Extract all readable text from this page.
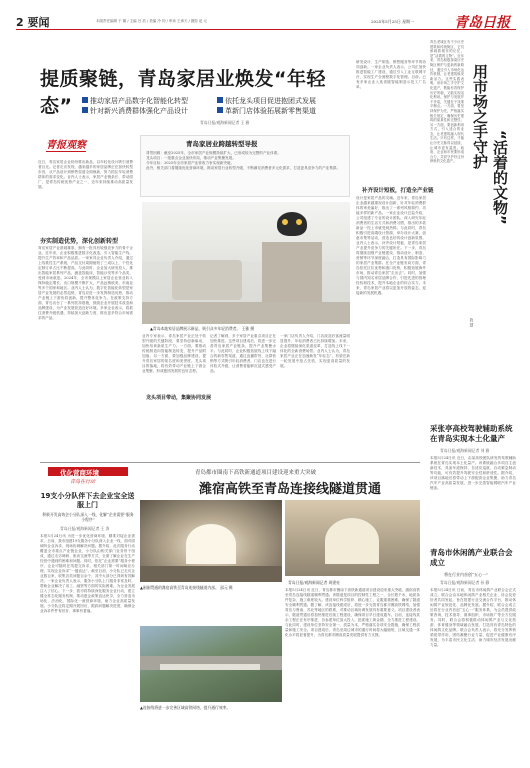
2 要闻	本版责任编辑 于 娜 / 主编 吕 浩 / 美编 冷 钧 / 审读 王承天 / 摄影 赵 元	2025年5月25日 星期一	青岛日报
提质聚链，青岛家居业焕发“年轻态”	推动家居产品数字化智能化转型	依托龙头项目促进抱团式发展
针对新兴消费群体强化产品设计	革新门店体验拓展新零售渠道
青岛日报/观海新闻记者 王 雅
青报观察	青岛家居业跨越转型导报

背景回顾：截至2025年，全市家居产业规模持续扩大，已形成较为完整的产业体系。

龙头项目：一批重点企业加快布局，推动产业集聚发展。

今年目标：2025年全市家居产业营收力争实现新突破。

此外，相关部门将继续优化营商环境，推动家居行业转型升级，不断满足消费者多元化需求，打造更具竞争力的产业集群。

近日，青岛家居企业纷纷推出新品，以年轻化设计吸引消费者目光。记者走访发现，越来越多的家居品牌正在加快转型步伐，从产品设计到销售渠道全面焕新，努力抓住年轻消费群体的需求变化。业内人士表示，家居产业链条长、带动面广，是青岛传统优势产业之一，近年来持续推动高质量发展。
夯实制造优势，深化创新转型
青岛家居产业基础雄厚，拥有一批具有较强竞争力的骨干企业。近年来，企业积极推进数字化改造，引入智能生产线，提升生产效率和产品品质。一家家具企业负责人介绍，通过上线柔性生产系统，产品交付周期缩短了三成以上，个性化定制订单占比不断提高。与此同时，企业加大研发投入，推出智能家居系列产品，涵盖智能床、智能沙发等多个品类，受到市场欢迎。2024年，全市规模以上家居企业营业收入保持稳定增长，出口规模不断扩大，产品远销欧美、东南亚等多个国家和地区。业内人士认为，数字化智能化转型是家居产业发展的必然趋势，青岛应进一步发挥制造优势，推动产业链上下游协同创新，提升整体竞争力。在政策支持方面，青岛出台了一系列扶持措施，鼓励企业开展技术改造和品牌建设，为产业发展营造良好环境。多家企业表示，将抓住消费升级机遇，持续加大创新力度，推出更多符合市场需求的产品。
▲青岛本地家居品牌展示新品，吸引众多年轻消费者。 王雅 摄
业内专家表示，青岛家居产业正处于转型升级的关键阶段，要坚持创新驱动，加快培育新质生产力。一方面，要推动传统制造向智能制造转变，提升产品附加值；另一方面，要加强品牌建设，提升青岛家居的知名度和美誉度。龙头项目的落地，将有效带动产业链上下游企业集聚，形成抱团发展的良好态势。
龙头项目带动，集聚协同发展
记者了解到，多个家居产业重点项目正在加快推进。这些项目建成后，将进一步完善青岛家居产业链条，提升产业集聚水平。与此同时，企业积极拓展线上线下融合的新零售渠道，通过直播带货、社群营销等方式吸引年轻消费者，门店也在进行体验式升级，让消费者能够沉浸式感受产品。
一家门店负责人介绍，门店改造后客流量明显提升，年轻消费者占比持续增加。未来，企业将继续深化渠道变革，打造线上线下一体化的全新消费场景。业内人士认为，青岛家居产业正在加速焕发“年轻态”，有望在新一轮发展中抢占先机，实现更高质量的发展。
研发设计、生产制造、销售服务等环节的协同创新。一家企业负责人表示，公司正加快推进智能工厂建设，通过引入工业互联网平台，实现生产全流程数字化管理。目前，已有多家企业入选省级智能制造示范工厂名单。
补齐设计短板，打造全产业链
设计是家居产品的灵魂。近年来，青岛家居企业越来越重视设计创新，针对年轻消费群体的审美偏好，推出了一系列风格简约、功能多样的新产品。一家企业设计总监介绍，公司组建了专业的设计团队，深入研究年轻消费者的生活方式和消费习惯，推出的多款新品一经上市就受到热捧。与此同时，青岛积极引进高端设计资源，举办设计大赛、创意市集等活动，营造良好的设计创新氛围。业内人士表示，补齐设计短板，是青岛家居产业提升竞争力的关键所在。下一步，青岛将继续加强产业链建设，推动设计、制造、营销等环节深度融合，打造具有国际影响力的家居产业集群。在全产业链布局方面，青岛依托区位优势和港口优势，积极拓展海外市场，推动青岛家居“走出去”。同时，加强与国内知名家居品牌合作，引进先进的管理经验和技术，提升本地企业的综合实力。未来，青岛家居产业将以更加开放的姿态，迎接新的发展机遇。
青岛老城区有不少历史建筑和传统街区，它们承载着城市的记忆，是“活着的文物”。近年来，青岛积极探索历史街区保护与更新的新路径，通过引入市场化运作机制，让老建筑焕发新活力。这些实践表明，用市场之手守护文化遗产，既能有效保护历史风貌，又能实现活化利用。保护与发展并不矛盾，关键在于找准平衡点。一方面，要坚持保护为先，严格落实相关规定，确保历史建筑的原真性和完整性；另一方面，要创新利用方式，引入适合的业态，让老建筑融入现代生活。只有这样，才能让历史文脉得以延续，让城市更有温度。政府、企业和市民要形成合力，共同守护好这份珍贵的文化遗产。 用市场之手守护
“活着的文物”
陈 慧
采张亭高校驾驶辅助系统在青岛实现本土化量产
青岛日报/观海新闻记者 刘 雅
本报5月24日讯 近日，由某高校团队研发的驾驶辅助系统在青岛实现本土化量产。该系统融合多项自主创新技术，具备车道保持、自适应巡航、自动紧急制动等功能，可有效提升驾驶安全性和舒适性。据介绍，该项目落地后将带动上下游配套企业集聚，助力青岛汽车产业高质量发展，进一步完善智能网联汽车产业链条。
优化营商环境
青岛在行动
19支小分队伴下去企业宝全送服上门
积极开发高效企小分队深入一线，化解“企业需要”服务小程序”
青岛日报/观海新闻记者 王 涛
本报5月24日讯 为进一步优化营商环境，精准对接企业需求，日前，我市组建19支服务小分队深入企业一线，面对面倾听企业诉求，现场协调解决问题。据介绍，此次服务行动覆盖全市重点产业链企业，小分队由相关部门业务骨干组成，通过走访调研、座谈交流等方式，全面了解企业在生产经营中遇到的困难和问题。同时，依托“企业需要”服务小程序，企业可随时在线提交诉求，相关部门第一时间响应办理，实现企业诉求“一键直达”。截至目前，小分队已走访企业数百家，收集各类问题百余个，其中大部分已得到有效解决。一家企业负责人表示，服务小分队上门服务非常及时，帮助企业解决了用工、融资等方面的实际困难，为企业发展注入了信心。下一步，我市将持续深化服务企业行动，建立健全常态化服务机制，推动惠企政策直达快享，全力营造市场化、法治化、国际化一流营商环境，助力企业高质量发展。小分队还将定期开展回访，跟踪问题解决进度，确保企业诉求件件有回音、事事有着落。
青岛都市圈南下高铁新通道项目建设迎来重大突破
潍宿高铁至青岛连接线隧道贯通
▲刚刚贯通的潍宿高铁至青岛连接线隧道内部。 邵元 摄
▲连接线将进一步完善区域高铁网络，提升通行效率。
青岛日报/观海新闻记者 周建亮
本报5月24日讯 近日，青岛都市圈南下高铁新通道项目建设迎来重大突破，潍宿高铁至青岛连接线隧道顺利贯通。该隧道是项目的控制性工程之一，全长数千米，地质条件复杂，施工难度较大。建设单位科学组织、精心施工，克服重重困难，确保了隧道安全顺利贯通。据了解，该连接线建成后，将进一步完善青岛都市圈高铁网络，加强青岛与鲁南、苏北等地区的联系，对推动区域协调发展具有重要意义。项目建设者表示，隧道贯通后将加快推进后续工程建设，确保项目早日建成通车。目前，连接线其余工程正在有序推进，各参建单位加大投入，抢抓施工黄金期，全力推进工程建设。与此同时，建设单位坚持安全第一、质量为本，严格落实各项安全措施，确保工程质量和施工安全。项目建成后，青岛至周边城市的通行时间将大幅缩短，区域交通一体化水平将显著提升，为青岛都市圈高质量发展提供有力支撑。
青岛市休闲鸽产业联合会成立
将在行业内首创“五心一”
青岛日报/观海新闻记者 孙 静
本报5月24日讯 日前，青岛市休闲鸽产业联合会正式成立。联合会由本地休闲鸽产业相关企业、协会及爱好者共同发起，旨在搭建行业交流合作平台，推动休闲鸽产业规范化、品牌化发展。据介绍，联合会成立后将在行业内首创“五心一”服务体系，为会员提供政策咨询、技术指导、赛事组织、市场推广等全方位服务。同时，联合会将积极推动休闲鸽产业与文化旅游、体育健身等领域融合发展，打造具有青岛特色的休闲鸽文化品牌。联合会负责人表示，将充分发挥桥梁纽带作用，团结凝聚行业力量，促进产业健康有序发展，为丰富市民文化生活、助力城市经济发展贡献力量。
